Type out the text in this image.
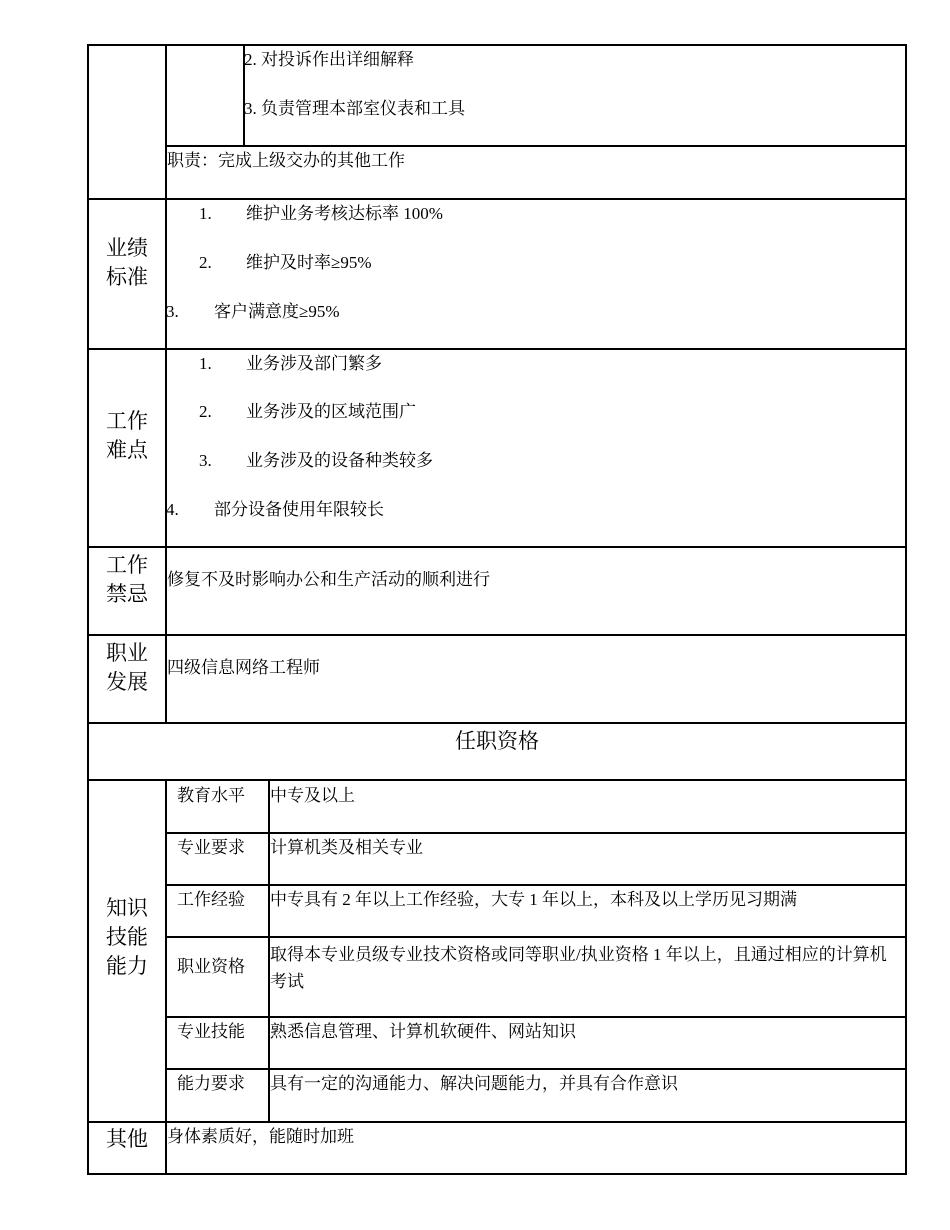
2. 对投诉作出详细解释
3. 负责管理本部室仪表和工具
职责：完成上级交办的其他工作
业绩标准
1. 维护业务考核达标率 100%
2. 维护及时率≥95%
3. 客户满意度≥95%
工作难点
1. 业务涉及部门繁多
2. 业务涉及的区域范围广
3. 业务涉及的设备种类较多
4. 部分设备使用年限较长
工作禁忌
修复不及时影响办公和生产活动的顺利进行
职业发展
四级信息网络工程师
任职资格
知识技能能力
教育水平 中专及以上
专业要求 计算机类及相关专业
工作经验 中专具有 2 年以上工作经验，大专 1 年以上，本科及以上学历见习期满
职业资格
取得本专业员级专业技术资格或同等职业/执业资格 1 年以上，且通过相应的计算机考试
专业技能 熟悉信息管理、计算机软硬件、网站知识
能力要求 具有一定的沟通能力、解决问题能力，并具有合作意识
其他	身体素质好，能随时加班
